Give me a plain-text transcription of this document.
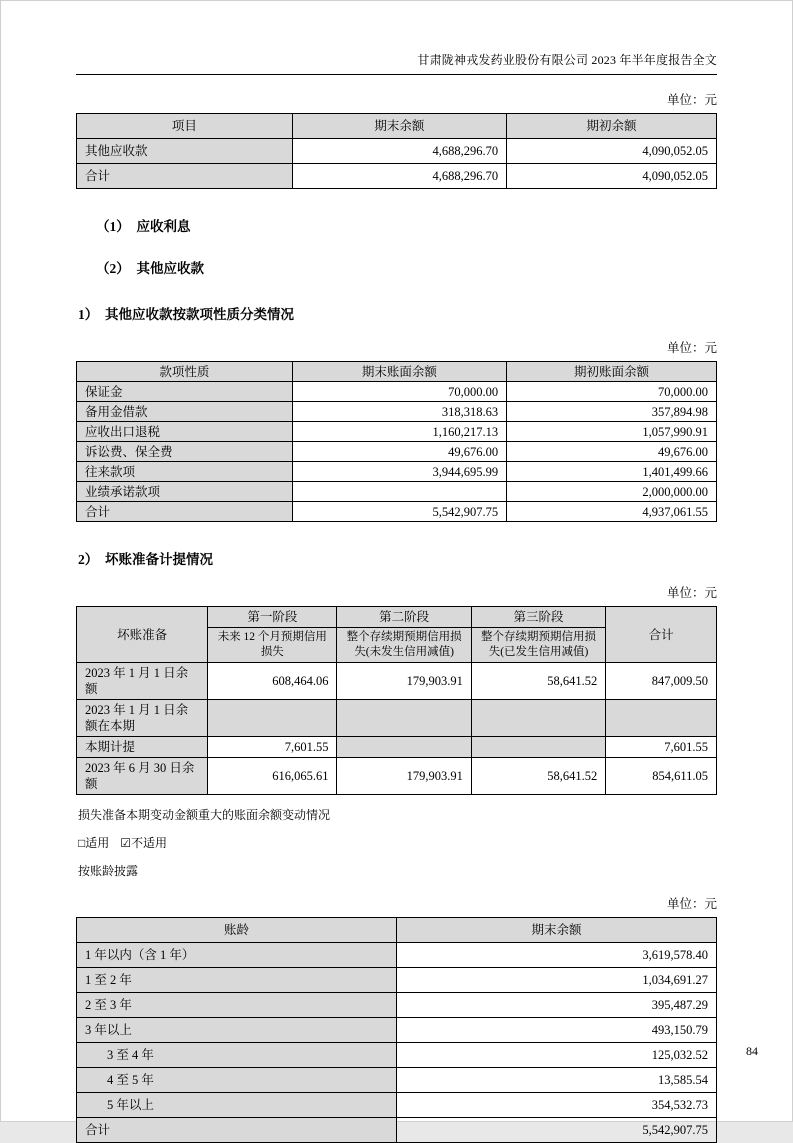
甘肃陇神戎发药业股份有限公司 2023 年半年度报告全文
单位：元
项目	期末余额	期初余额
其他应收款	4,688,296.70	4,090,052.05
合计	4,688,296.70	4,090,052.05
（1）　应收利息
（2）　其他应收款
1）　其他应收款按款项性质分类情况
单位：元
款项性质	期末账面余额	期初账面余额
保证金	70,000.00	70,000.00
备用金借款	318,318.63	357,894.98
应收出口退税	1,160,217.13	1,057,990.91
诉讼费、保全费	49,676.00	49,676.00
往来款项	3,944,695.99	1,401,499.66
业绩承诺款项		2,000,000.00
合计	5,542,907.75	4,937,061.55
2）　坏账准备计提情况
单位：元
坏账准备	第一阶段	第二阶段	第三阶段	合计
	未来 12 个月预期信用损失	整个存续期预期信用损失(未发生信用减值)	整个存续期预期信用损失(已发生信用减值)	
2023 年 1 月 1 日余额	608,464.06	179,903.91	58,641.52	847,009.50
2023 年 1 月 1 日余额在本期				
本期计提	7,601.55			7,601.55
2023 年 6 月 30 日余额	616,065.61	179,903.91	58,641.52	854,611.05
损失准备本期变动金额重大的账面余额变动情况
□适用 ☑不适用
按账龄披露
单位：元
账龄	期末余额
1 年以内（含 1 年）	3,619,578.40
1 至 2 年	1,034,691.27
2 至 3 年	395,487.29
3 年以上	493,150.79
3 至 4 年	125,032.52
4 至 5 年	13,585.54
5 年以上	354,532.73
合计	5,542,907.75
84
